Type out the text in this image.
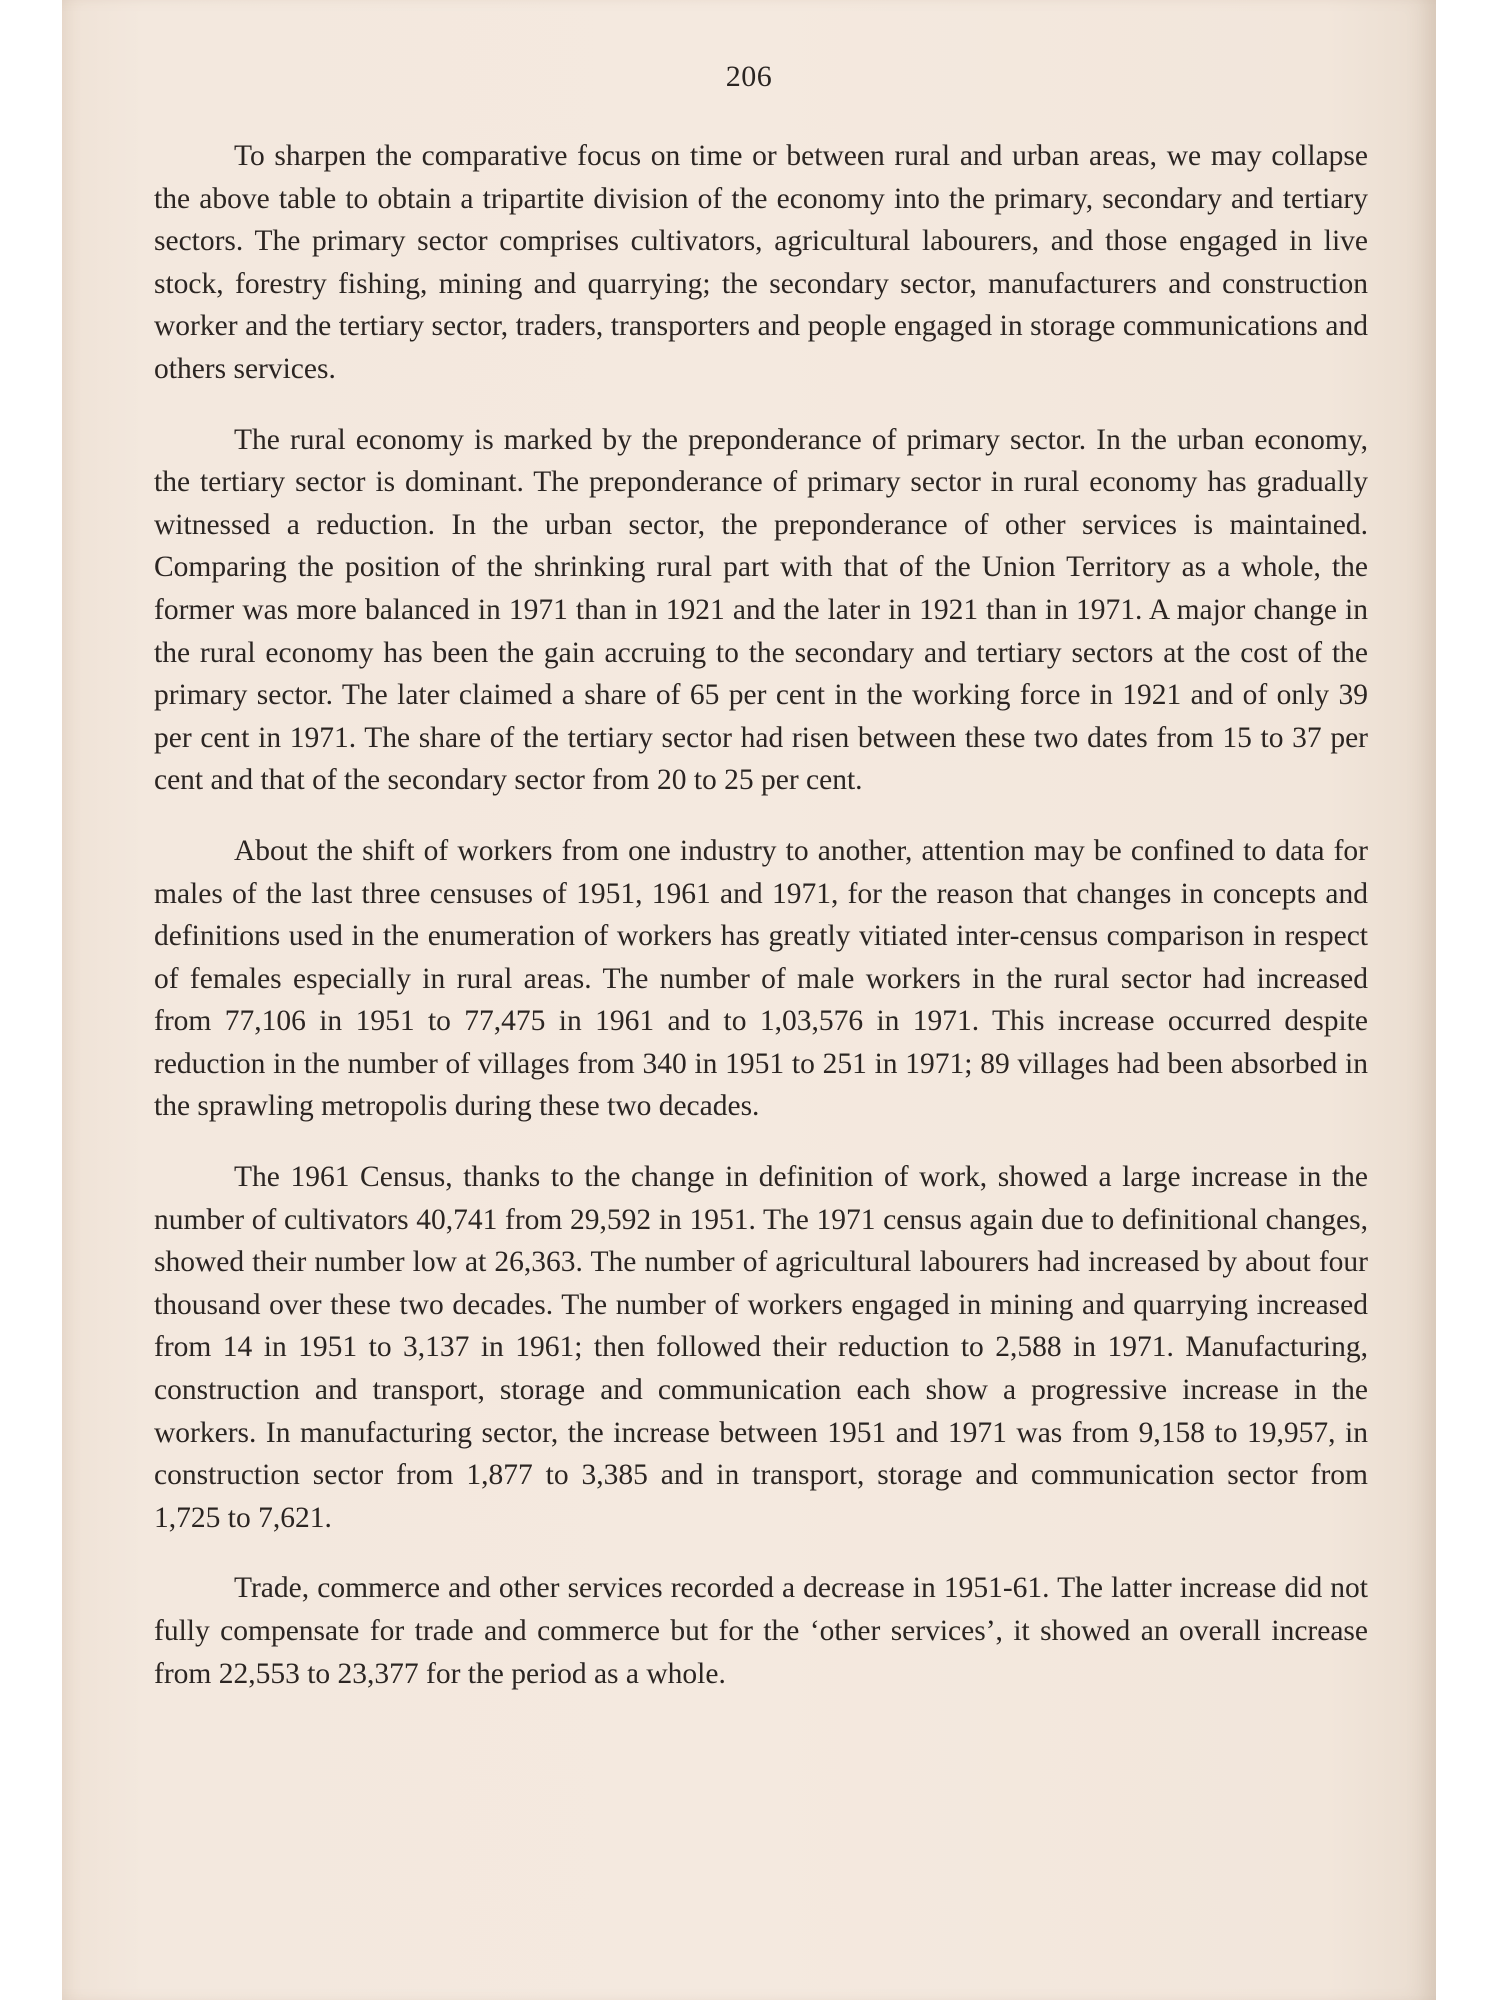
206

To sharpen the comparative focus on time or between rural and urban areas, we may collapse the above table to obtain a tripartite division of the economy into the primary, secondary and tertiary sectors. The primary sector comprises cultivators, agricultural labourers, and those engaged in live stock, forestry fishing, mining and quarrying; the secondary sector, manufacturers and construction worker and the tertiary sector, traders, transporters and people engaged in storage communications and others services.

The rural economy is marked by the preponderance of primary sector. In the urban economy, the tertiary sector is dominant. The preponderance of primary sector in rural economy has gradually witnessed a reduction. In the urban sector, the preponderance of other services is maintained. Comparing the position of the shrinking rural part with that of the Union Territory as a whole, the former was more balanced in 1971 than in 1921 and the later in 1921 than in 1971. A major change in the rural economy has been the gain accruing to the secondary and tertiary sectors at the cost of the primary sector. The later claimed a share of 65 per cent in the working force in 1921 and of only 39 per cent in 1971. The share of the tertiary sector had risen between these two dates from 15 to 37 per cent and that of the secondary sector from 20 to 25 per cent.

About the shift of workers from one industry to another, attention may be confined to data for males of the last three censuses of 1951, 1961 and 1971, for the reason that changes in concepts and definitions used in the enumeration of workers has greatly vitiated inter-census comparison in respect of females especially in rural areas. The number of male workers in the rural sector had increased from 77,106 in 1951 to 77,475 in 1961 and to 1,03,576 in 1971. This increase occurred despite reduction in the number of villages from 340 in 1951 to 251 in 1971; 89 villages had been absorbed in the sprawling metropolis during these two decades.

The 1961 Census, thanks to the change in definition of work, showed a large increase in the number of cultivators 40,741 from 29,592 in 1951. The 1971 census again due to definitional changes, showed their number low at 26,363. The number of agricultural labourers had increased by about four thousand over these two decades. The number of workers engaged in mining and quarrying increased from 14 in 1951 to 3,137 in 1961; then followed their reduction to 2,588 in 1971. Manufacturing, construction and transport, storage and communication each show a progressive increase in the workers. In manufacturing sector, the increase between 1951 and 1971 was from 9,158 to 19,957, in construction sector from 1,877 to 3,385 and in transport, storage and communication sector from 1,725 to 7,621.

Trade, commerce and other services recorded a decrease in 1951-61. The latter increase did not fully compensate for trade and commerce but for the ‘other services’, it showed an overall increase from 22,553 to 23,377 for the period as a whole.
